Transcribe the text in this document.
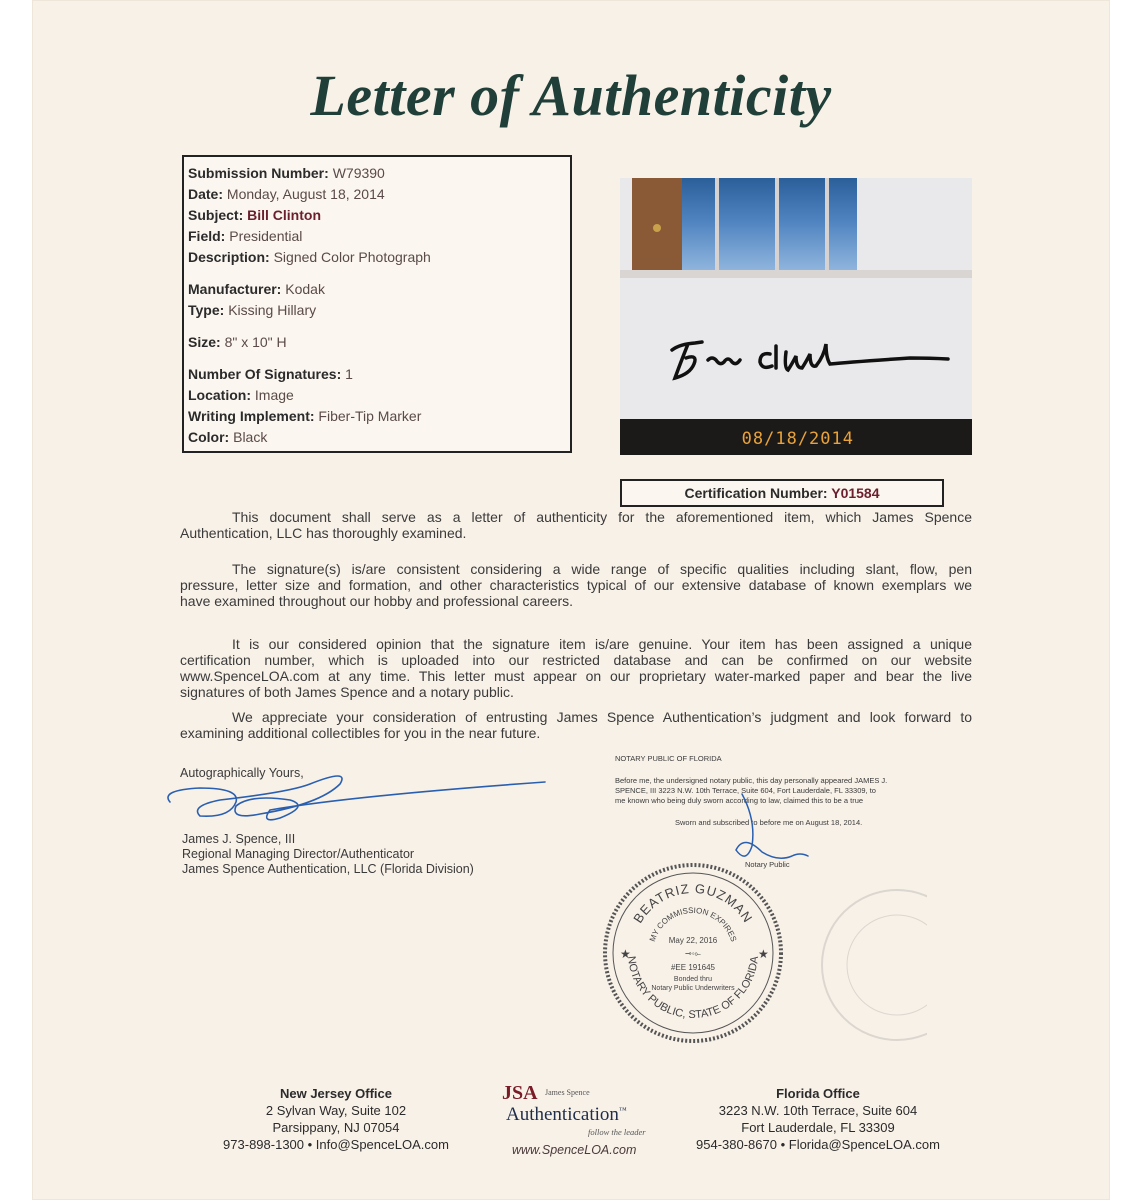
Letter of Authenticity
Submission Number: W79390
Date: Monday, August 18, 2014
Subject: Bill Clinton
Field: Presidential
Description: Signed Color Photograph
Manufacturer: Kodak
Type: Kissing Hillary
Size: 8" x 10" H
Number Of Signatures: 1
Location: Image
Writing Implement: Fiber-Tip Marker
Color: Black	08/18/2014
Certification Number: Y01584
This document shall serve as a letter of authenticity for the aforementioned item, which James Spence
Authentication, LLC has thoroughly examined.
The signature(s) is/are consistent considering a wide range of specific qualities including slant, flow, pen
pressure, letter size and formation, and other characteristics typical of our extensive database of known exemplars we
have examined throughout our hobby and professional careers.
It is our considered opinion that the signature item is/are genuine. Your item has been assigned a unique
certification number, which is uploaded into our restricted database and can be confirmed on our website
www.SpenceLOA.com at any time. This letter must appear on our proprietary water-marked paper and bear the live
signatures of both James Spence and a notary public.
We appreciate your consideration of entrusting James Spence Authentication’s judgment and look forward to
examining additional collectibles for you in the near future.
Autographically Yours,
James J. Spence, III
Regional Managing Director/Authenticator
James Spence Authentication, LLC (Florida Division)
NOTARY PUBLIC OF FLORIDA
Before me, the undersigned notary public, this day personally appeared JAMES J.
SPENCE, III 3223 N.W. 10th Terrace, Suite 604, Fort Lauderdale, FL 33309, to
me known who being duly sworn according to law, claimed this to be a true
Sworn and subscribed to before me on August 18, 2014.
Notary Public
BEATRIZ GUZMAN
MY COMMISSION EXPIRES
May 22, 2016
⊸◦⟜
#EE 191645
Bonded thru
Notary Public Underwriters
NOTARY PUBLIC, STATE OF FLORIDA
★	★
New Jersey Office
2 Sylvan Way, Suite 102
Parsippany, NJ 07054
973-898-1300 • Info@SpenceLOA.com
JSA James Spence
Authentication™
follow the leader
www.SpenceLOA.com
Florida Office
3223 N.W. 10th Terrace, Suite 604
Fort Lauderdale, FL 33309
954-380-8670 • Florida@SpenceLOA.com
